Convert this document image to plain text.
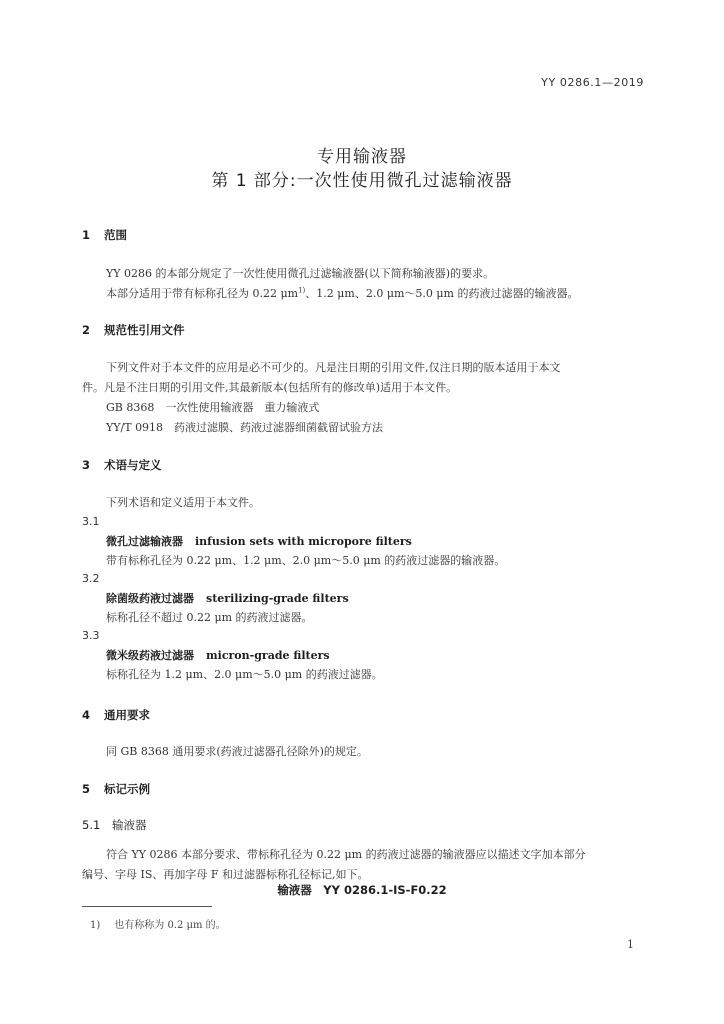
YY 0286.1—2019
专用输液器
第 1 部分:一次性使用微孔过滤输液器
1 范围
YY 0286 的本部分规定了一次性使用微孔过滤输液器(以下简称输液器)的要求。
本部分适用于带有标称孔径为 0.22 $\mu m^{1)}$、1.2 μm、2.0 μm～5.0 μm 的药液过滤器的输液器。
2 规范性引用文件
下列文件对于本文件的应用是必不可少的。凡是注日期的引用文件,仅注日期的版本适用于本文
件。凡是不注日期的引用文件,其最新版本(包括所有的修改单)适用于本文件。
GB 8368　一次性使用输液器　重力输液式
YY/T 0918　药液过滤膜、药液过滤器细菌截留试验方法
3 术语与定义
下列术语和定义适用于本文件。
3.1
微孔过滤输液器 infusion sets with micropore filters
带有标称孔径为 0.22 μm、1.2 μm、2.0 μm～5.0 μm 的药液过滤器的输液器。
3.2
除菌级药液过滤器 sterilizing-grade filters
标称孔径不超过 0.22 μm 的药液过滤器。
3.3
微米级药液过滤器 micron-grade filters
标称孔径为 1.2 μm、2.0 μm～5.0 μm 的药液过滤器。
4 通用要求
同 GB 8368 通用要求(药液过滤器孔径除外)的规定。
5 标记示例
5.1 输液器
符合 YY 0286 本部分要求、带标称孔径为 0.22 μm 的药液过滤器的输液器应以描述文字加本部分
编号、字母 IS、再加字母 F 和过滤器标称孔径标记,如下。
输液器　YY 0286.1-IS-F0.22
1) 也有称称为 0.2 μm 的。
1
